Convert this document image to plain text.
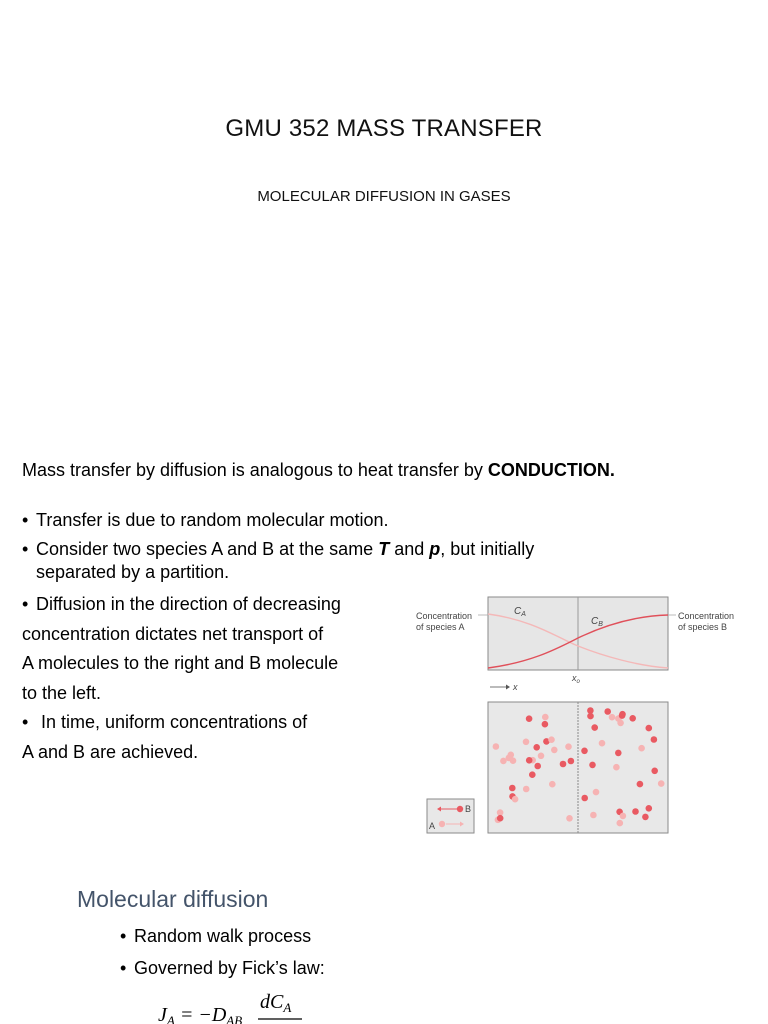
GMU 352 MASS TRANSFER
MOLECULAR DIFFUSION IN GASES
Mass transfer by diffusion is analogous to heat transfer by CONDUCTION.
• Transfer is due to random molecular motion.
• Consider two species A and B at the same T and p, but initially
separated by a partition.
• Diffusion in the direction of decreasing
concentration dictates net transport of
A molecules to the right and B molecule
to the left.
• In time, uniform concentrations of
A and B are achieved.
Concentration
of species A
Concentration
of species B
$C_A$
$C_B$
x
$x_o$
B
A
Molecular diffusion
• Random walk process
• Governed by Fick’s law:
$J_A = -D_{AB}$
$dC_A$
